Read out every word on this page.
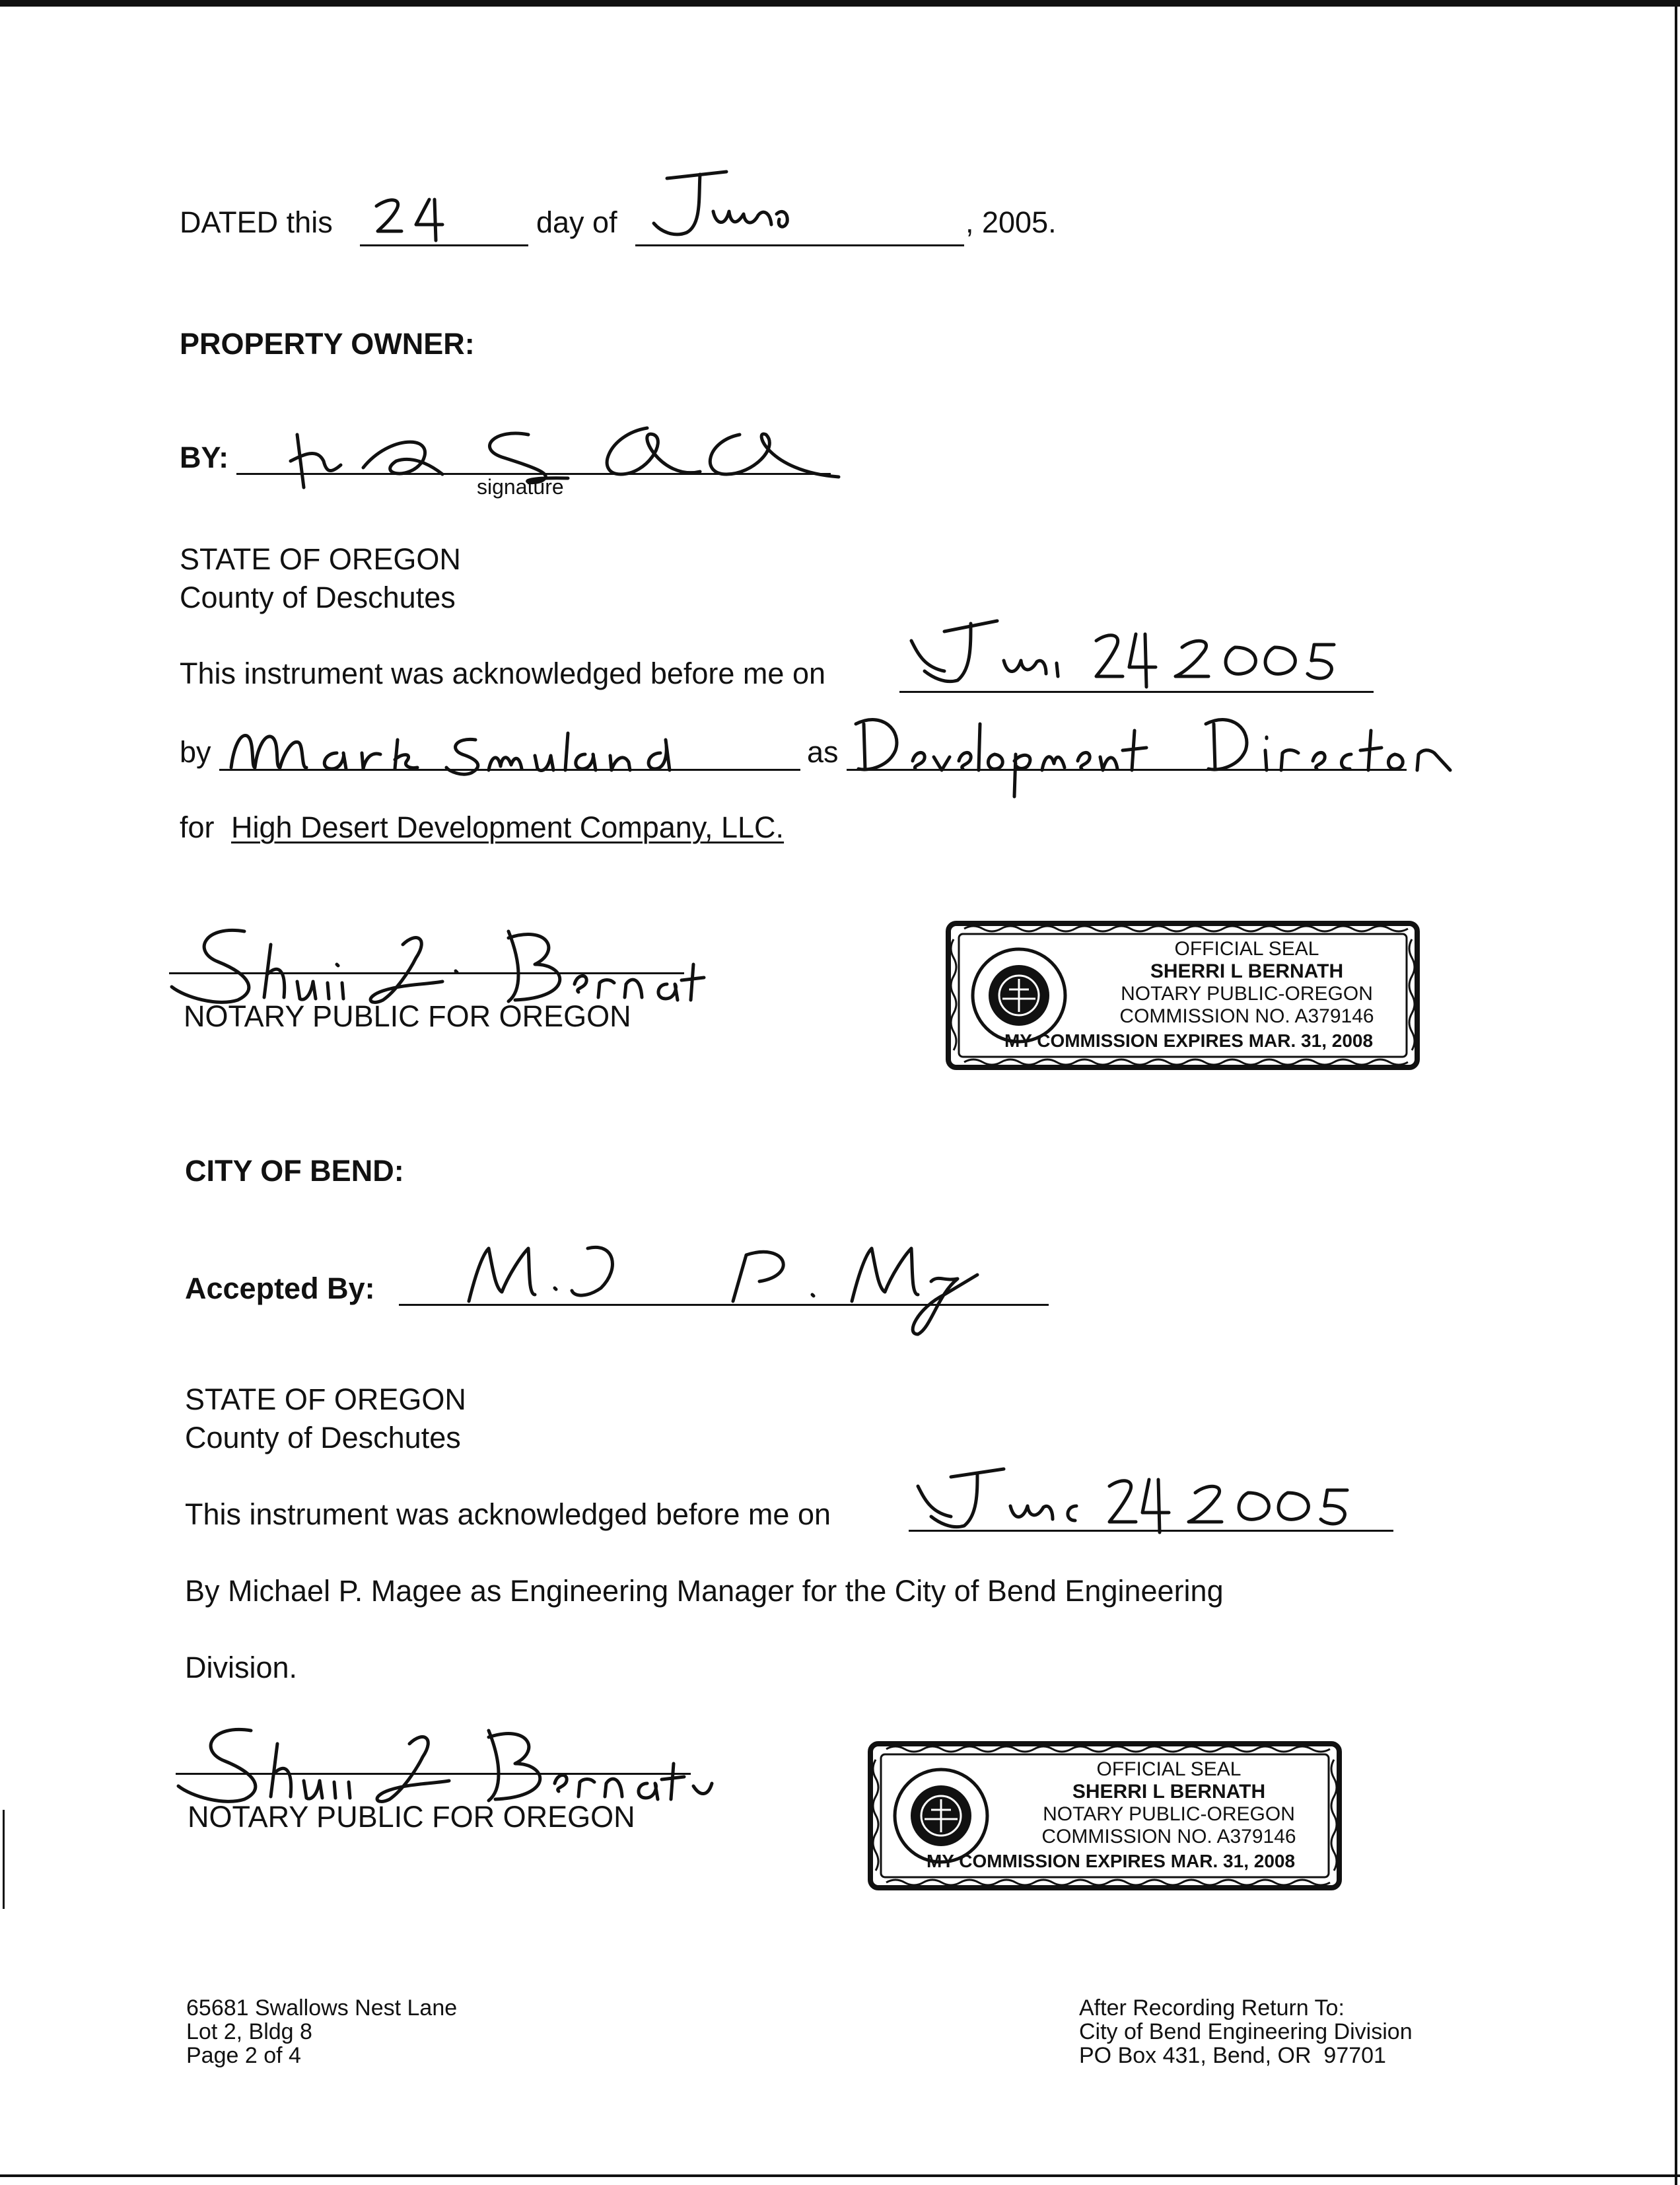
DATED this	day of	, 2005.
PROPERTY OWNER:
BY:
signature
STATE OF OREGON
County of Deschutes
This instrument was acknowledged before me on
by	as
for High Desert Development Company, LLC.
NOTARY PUBLIC FOR OREGON
OFFICIAL SEAL
SHERRI L BERNATH
NOTARY PUBLIC-OREGON
COMMISSION NO. A379146
MY COMMISSION EXPIRES MAR. 31, 2008
CITY OF BEND:
Accepted By:
STATE OF OREGON
County of Deschutes
This instrument was acknowledged before me on
By Michael P. Magee as Engineering Manager for the City of Bend Engineering
Division.
NOTARY PUBLIC FOR OREGON
OFFICIAL SEAL
SHERRI L BERNATH
NOTARY PUBLIC-OREGON
COMMISSION NO. A379146
MY COMMISSION EXPIRES MAR. 31, 2008
65681 Swallows Nest Lane
Lot 2, Bldg 8
Page 2 of 4
After Recording Return To:
City of Bend Engineering Division
PO Box 431, Bend, OR  97701
